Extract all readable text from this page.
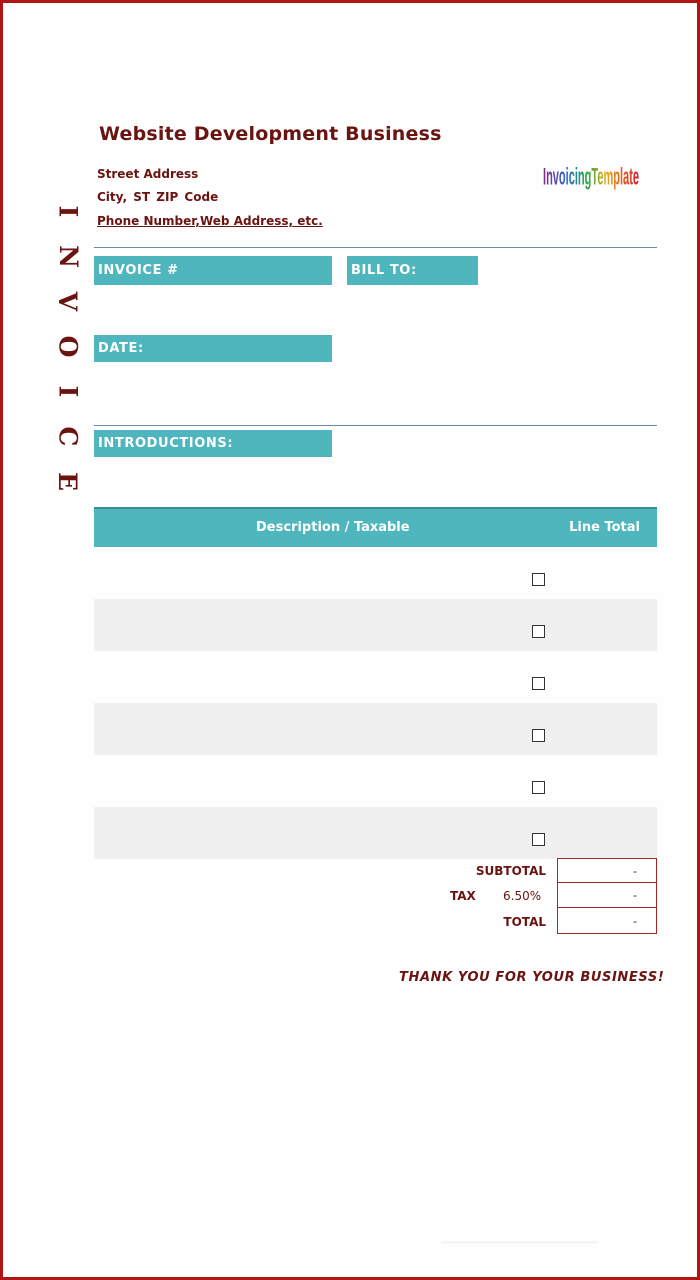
I
N
V
O
I
C
E
Website Development Business
Street Address
City, ST ZIP Code
Phone Number,Web Address, etc.
InvoicingTemplate
INVOICE #	BILL TO:
DATE:
INTRODUCTIONS:
Description / Taxable	Line Total
SUBTOTAL	-
TAX 6.50%	-
TOTAL	-
THANK YOU FOR YOUR BUSINESS!
──────────
